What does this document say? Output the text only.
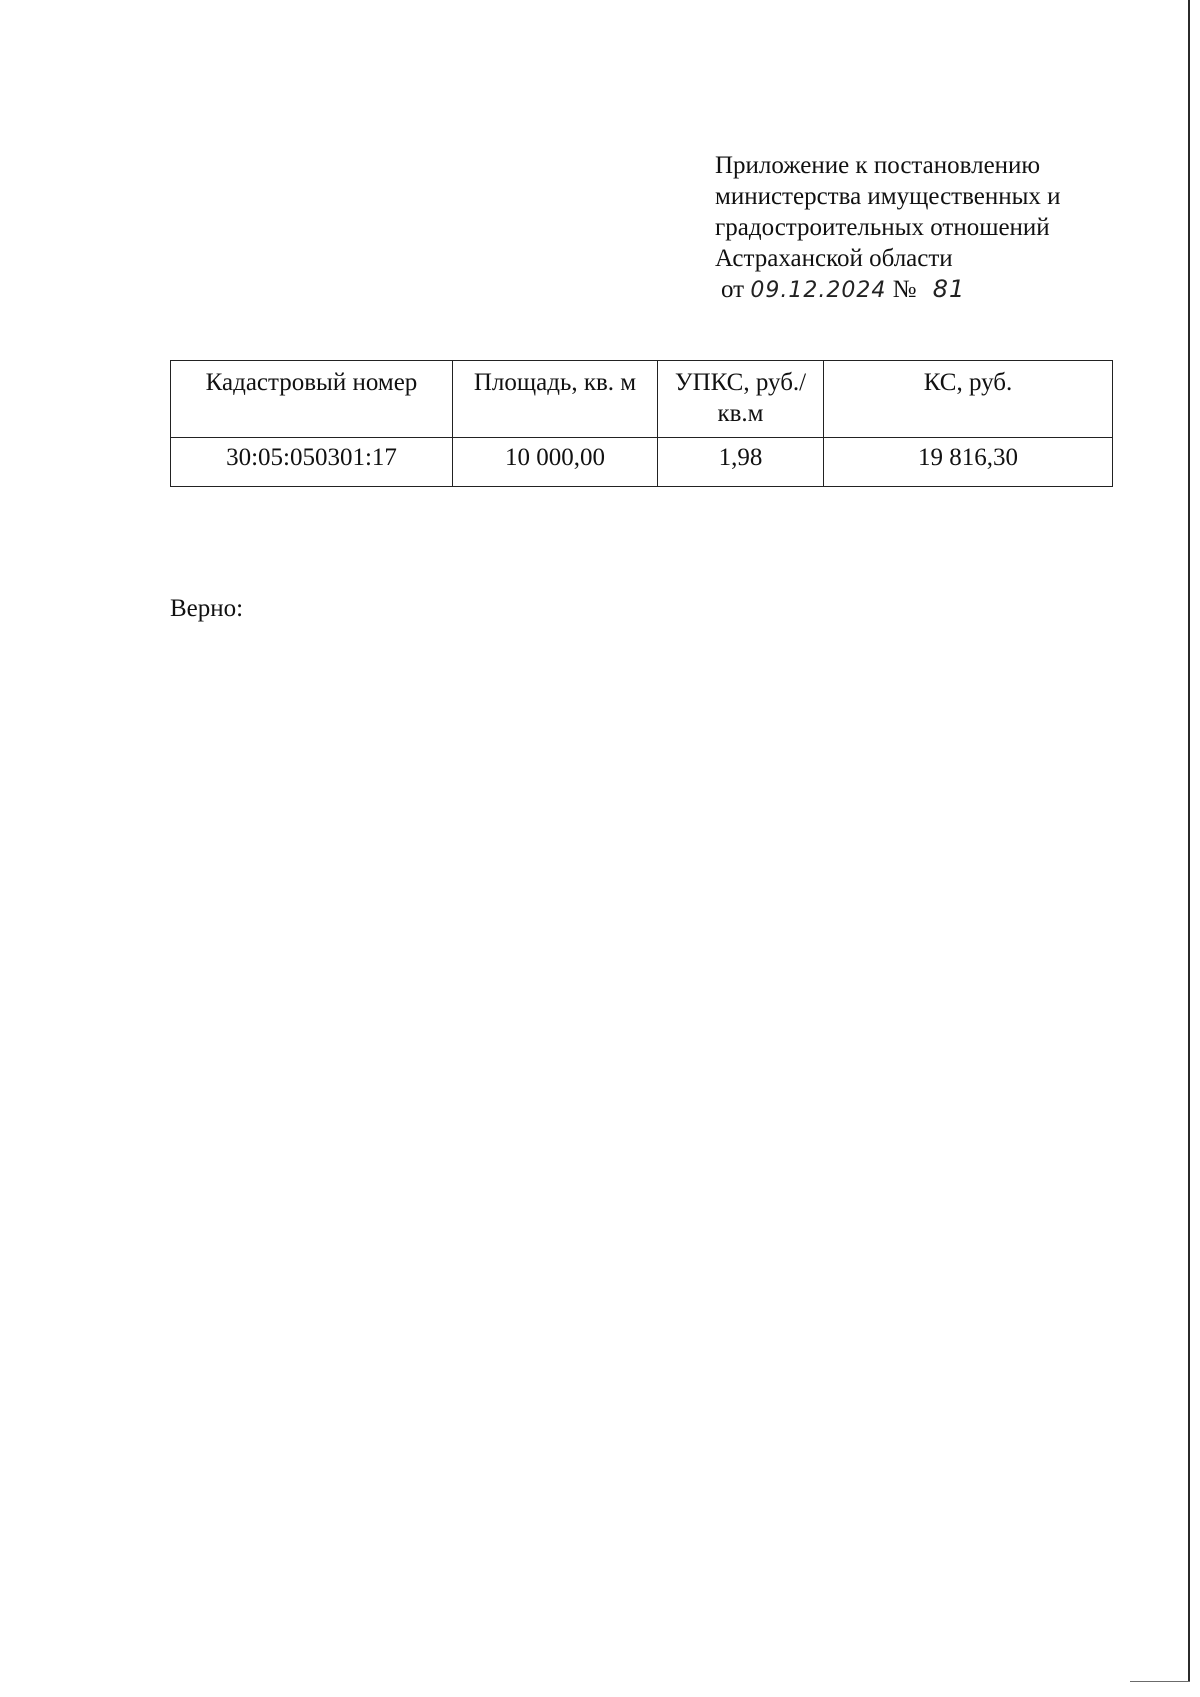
Приложение к постановлению
министерства имущественных и
градостроительных отношений
Астраханской области
от 09.12.2024 № 81
Кадастровый номер	Площадь, кв. м	УПКС, руб./кв.м	КС, руб.
30:05:050301:17	10 000,00	1,98	19 816,30
Верно:
